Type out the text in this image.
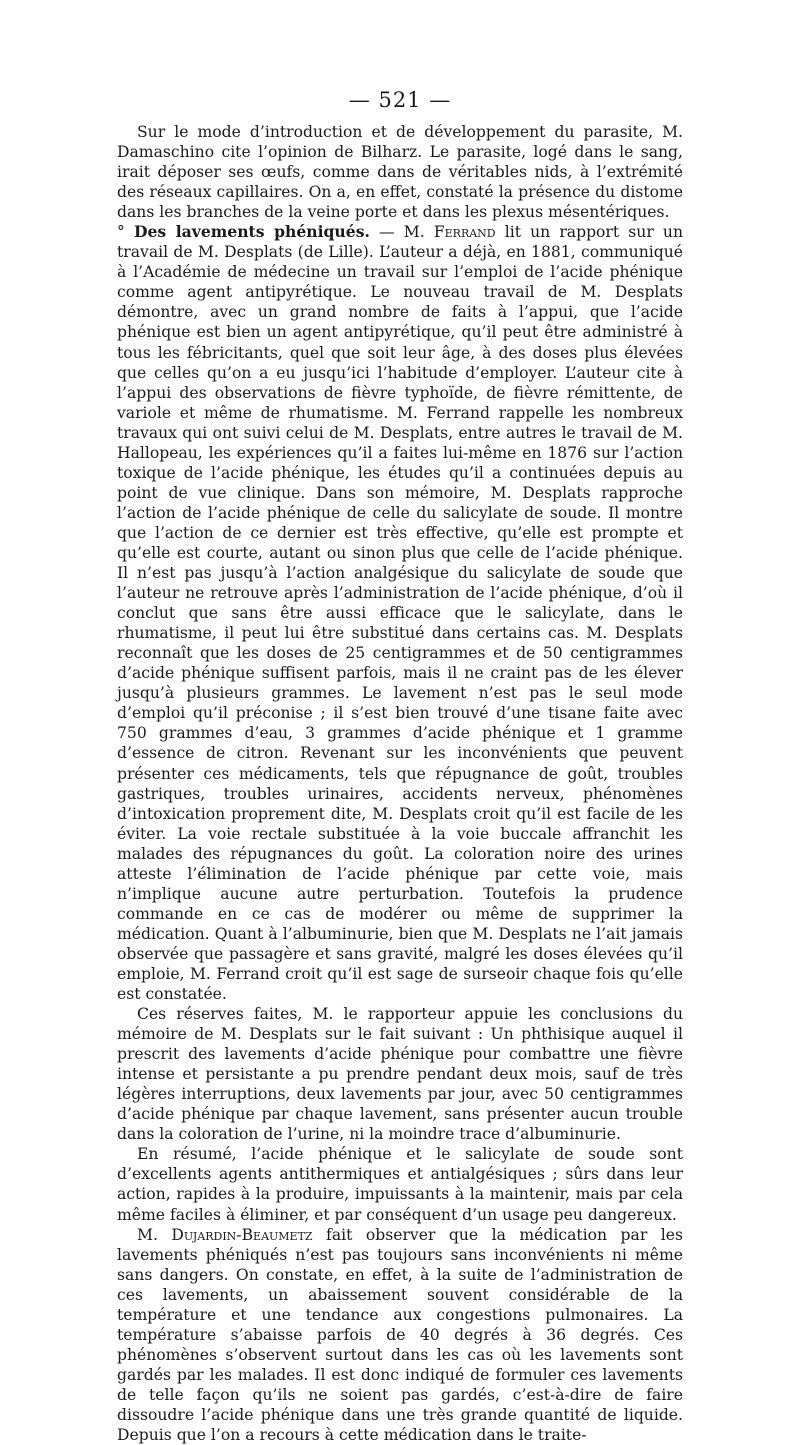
— 521 —

Sur le mode d’introduction et de développement du parasite, M. Damaschino cite l’opinion de Bilharz. Le parasite, logé dans le sang, irait déposer ses œufs, comme dans de véritables nids, à l’extrémité des réseaux capillaires. On a, en effet, constaté la présence du distome dans les branches de la veine porte et dans les plexus mésentériques.

° Des lavements phéniqués. — M. Ferrand lit un rapport sur un travail de M. Desplats (de Lille). L’auteur a déjà, en 1881, communiqué à l’Académie de médecine un travail sur l’emploi de l’acide phénique comme agent antipyrétique. Le nouveau travail de M. Desplats démontre, avec un grand nombre de faits à l’appui, que l’acide phénique est bien un agent antipyrétique, qu’il peut être administré à tous les fébricitants, quel que soit leur âge, à des doses plus élevées que celles qu’on a eu jusqu’ici l’habitude d’employer. L’auteur cite à l’appui des observations de fièvre typhoïde, de fièvre rémittente, de variole et même de rhumatisme. M. Ferrand rappelle les nombreux travaux qui ont suivi celui de M. Desplats, entre autres le travail de M. Hallopeau, les expériences qu’il a faites lui-même en 1876 sur l’action toxique de l’acide phénique, les études qu’il a continuées depuis au point de vue clinique. Dans son mémoire, M. Desplats rapproche l’action de l’acide phénique de celle du salicylate de soude. Il montre que l’action de ce dernier est très effective, qu’elle est prompte et qu’elle est courte, autant ou sinon plus que celle de l’acide phénique. Il n’est pas jusqu’à l’action analgésique du salicylate de soude que l’auteur ne retrouve après l’administration de l’acide phénique, d’où il conclut que sans être aussi efficace que le salicylate, dans le rhumatisme, il peut lui être substitué dans certains cas. M. Desplats reconnaît que les doses de 25 centigrammes et de 50 centigrammes d’acide phénique suffisent parfois, mais il ne craint pas de les élever jusqu’à plusieurs grammes. Le lavement n’est pas le seul mode d’emploi qu’il préconise ; il s’est bien trouvé d’une tisane faite avec 750 grammes d’eau, 3 grammes d’acide phénique et 1 gramme d’essence de citron. Revenant sur les inconvénients que peuvent présenter ces médicaments, tels que répugnance de goût, troubles gastriques, troubles urinaires, accidents nerveux, phénomènes d’intoxication proprement dite, M. Desplats croit qu’il est facile de les éviter. La voie rectale substituée à la voie buccale affranchit les malades des répugnances du goût. La coloration noire des urines atteste l’élimination de l’acide phénique par cette voie, mais n’implique aucune autre perturbation. Toutefois la prudence commande en ce cas de modérer ou même de supprimer la médication. Quant à l’albuminurie, bien que M. Desplats ne l’ait jamais observée que passagère et sans gravité, malgré les doses élevées qu’il emploie, M. Ferrand croit qu’il est sage de surseoir chaque fois qu’elle est constatée.

Ces réserves faites, M. le rapporteur appuie les conclusions du mémoire de M. Desplats sur le fait suivant : Un phthisique auquel il prescrit des lavements d’acide phénique pour combattre une fièvre intense et persistante a pu prendre pendant deux mois, sauf de très légères interruptions, deux lavements par jour, avec 50 centigrammes d’acide phénique par chaque lavement, sans présenter aucun trouble dans la coloration de l’urine, ni la moindre trace d’albuminurie.

En résumé, l’acide phénique et le salicylate de soude sont d’excellents agents antithermiques et antialgésiques ; sûrs dans leur action, rapides à la produire, impuissants à la maintenir, mais par cela même faciles à éliminer, et par conséquent d’un usage peu dangereux.

M. Dujardin-Beaumetz fait observer que la médication par les lavements phéniqués n’est pas toujours sans inconvénients ni même sans dangers. On constate, en effet, à la suite de l’administration de ces lavements, un abaissement souvent considérable de la température et une tendance aux congestions pulmonaires. La température s’abaisse parfois de 40 degrés à 36 degrés. Ces phénomènes s’observent surtout dans les cas où les lavements sont gardés par les malades. Il est donc indiqué de formuler ces lavements de telle façon qu’ils ne soient pas gardés, c’est-à-dire de faire dissoudre l’acide phénique dans une très grande quantité de liquide. Depuis que l’on a recours à cette médication dans le traite-
